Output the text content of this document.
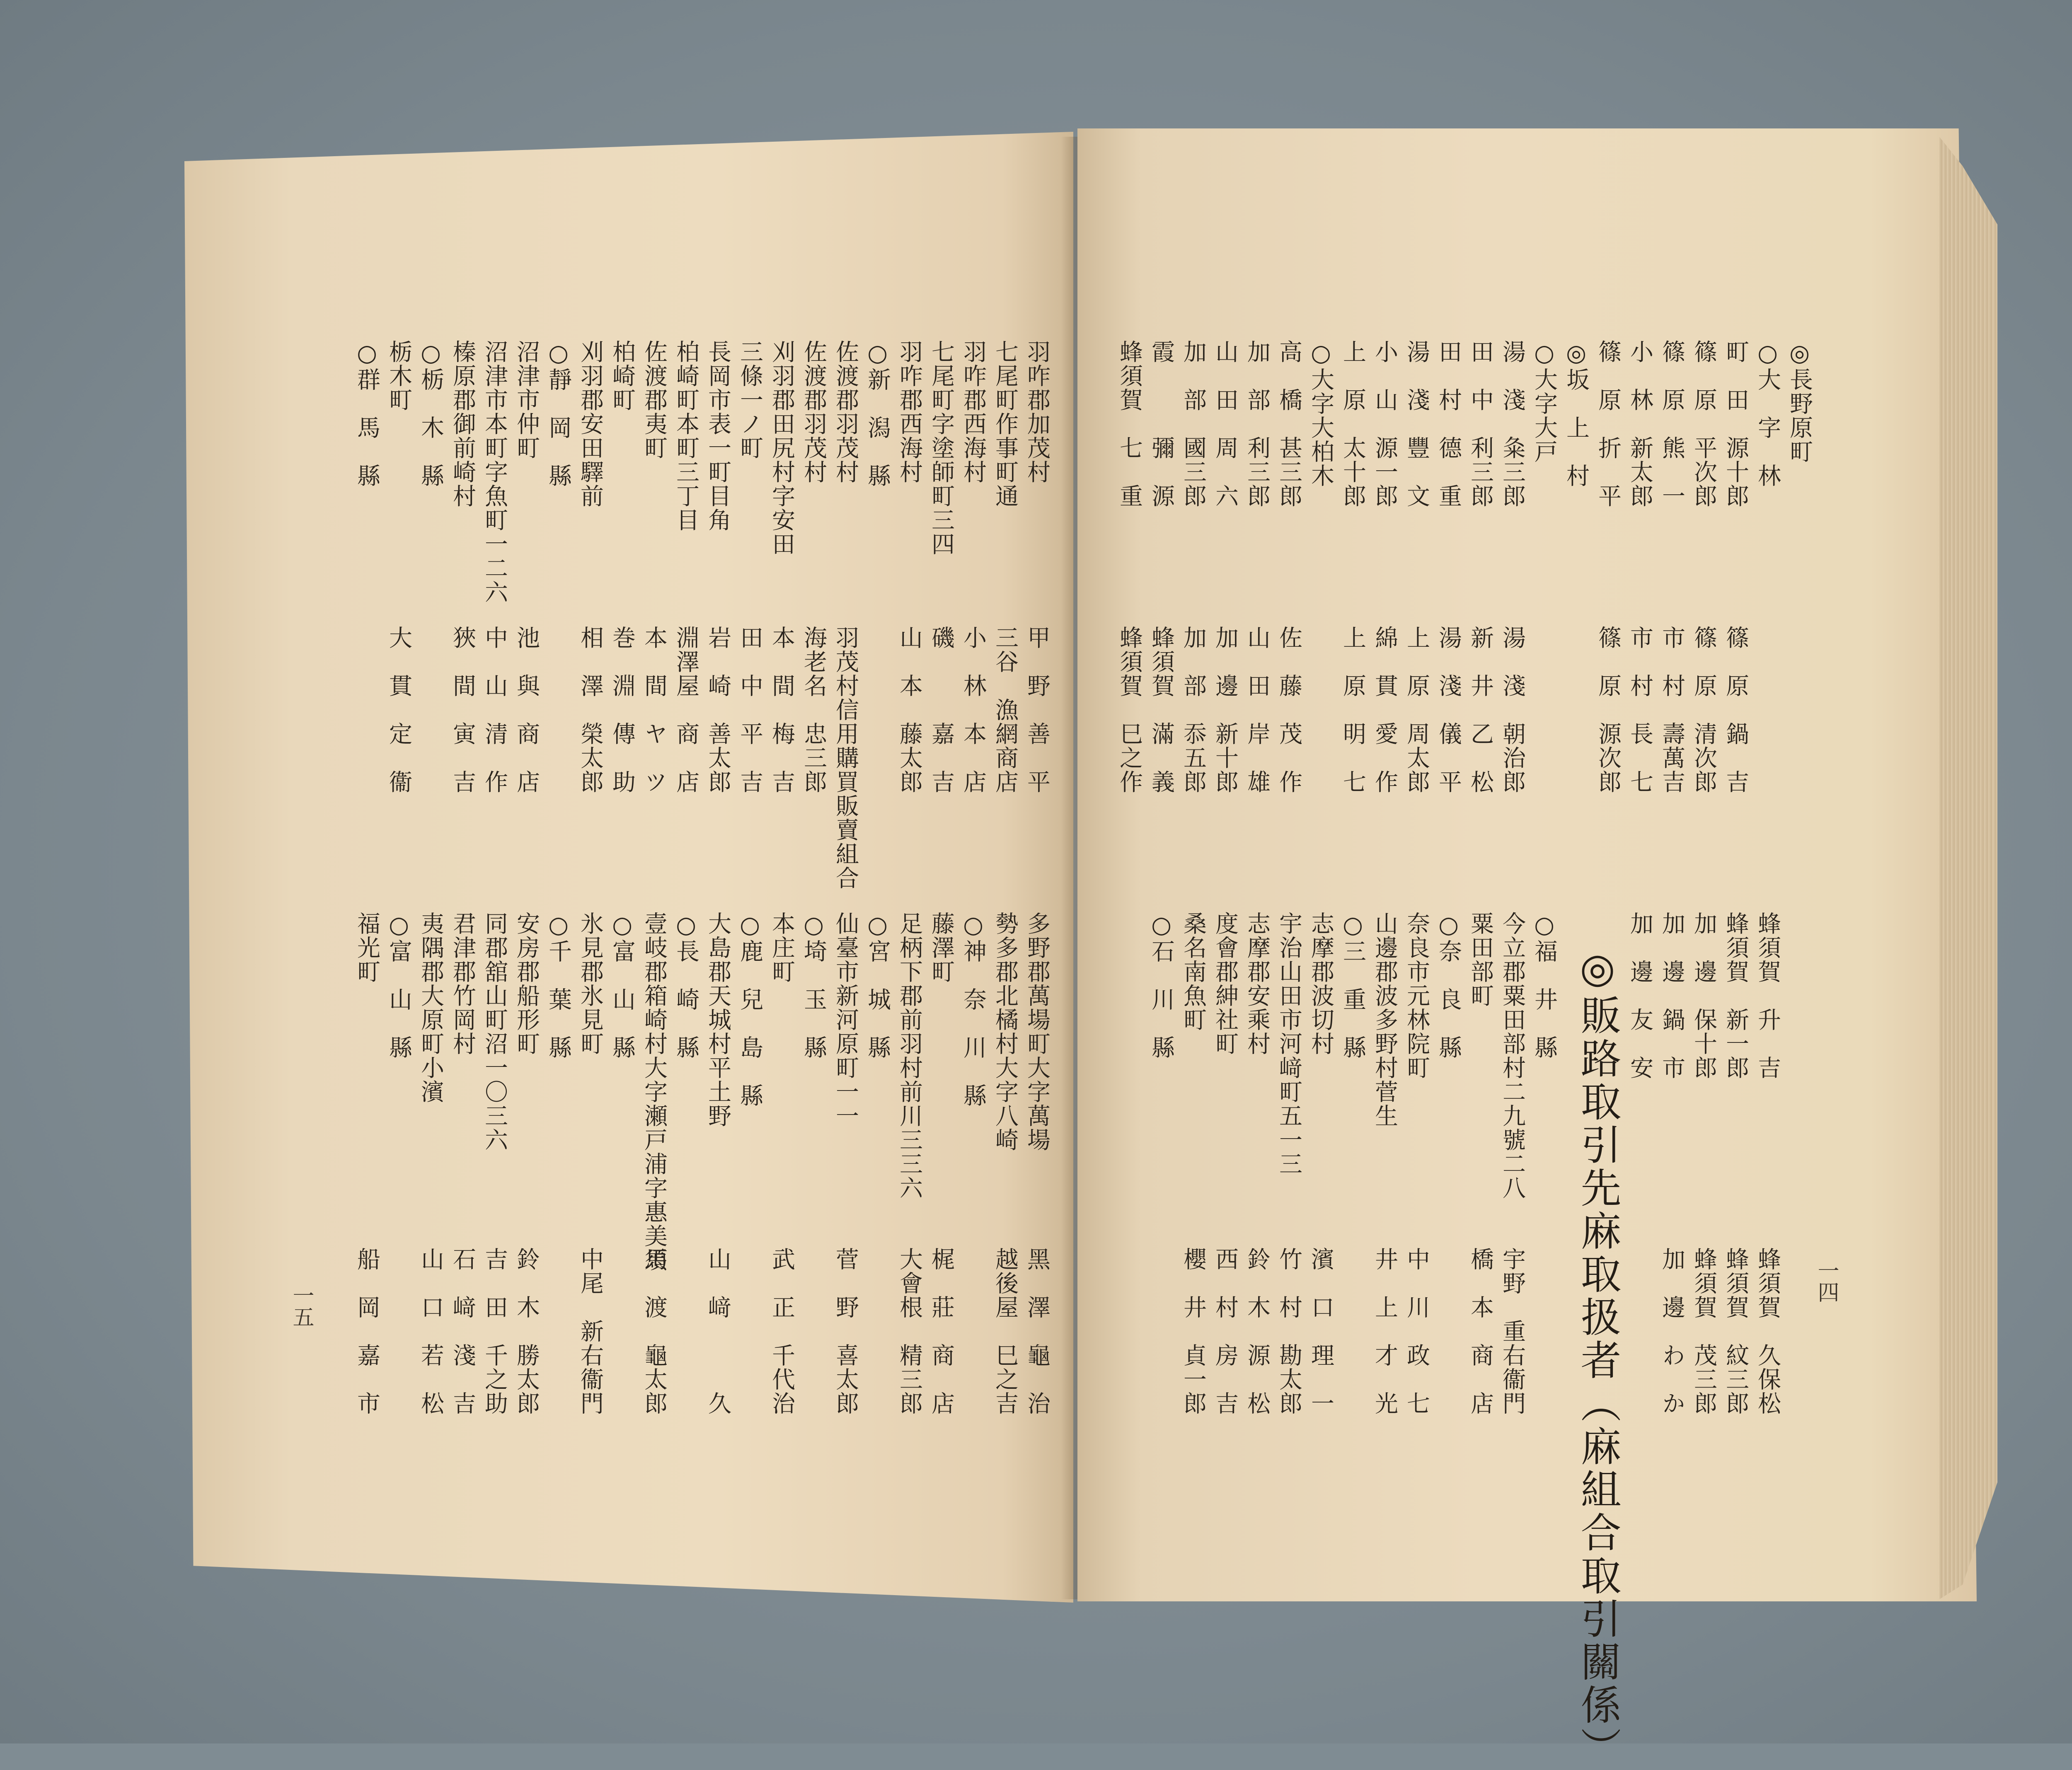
◎長野原町
○大　字　林
蜂須賀　升　吉
蜂須賀　久保松
町　田　源十郎
篠　原　鍋　吉
蜂須賀　新一郎
蜂須賀　紋三郎
篠　原　平次郎
篠　原　清次郎
加　邊　保十郎
蜂須賀　茂三郎
篠　原　熊　一
市　村　壽萬吉
加　邊　鍋　市
加　邊　わ　か
小　林　新太郎
市　村　長　七
加　邊　友　安
篠　原　折　平
篠　原　源次郎
◎坂　上　村
○大字大戸
○福　井　縣
湯　淺　粂三郎
湯　淺　朝治郎
今立郡粟田部村二九號二八
宇野　重右衞門
田　中　利三郎
新　井　乙　松
粟田部町
橋　本　商　店
田　村　德　重
湯　淺　儀　平
○奈　良　縣
湯　淺　豐　文
上　原　周太郎
奈良市元林院町
中　川　政　七
小　山　源一郎
綿　貫　愛　作
山邊郡波多野村菅生
井　上　才　光
上　原　太十郎
上　原　明　七
○三　重　縣
○大字大柏木
志摩郡波切村
濱　口　理　一
高　橋　甚三郎
佐　藤　茂　作
宇治山田市河﨑町五一三
竹　村　勘太郎
加　部　利三郎
山　田　岸　雄
志摩郡安乘村
鈴　木　源　松
山　田　周　六
加　邊　新十郎
度會郡紳社町
西　村　房　吉
加　部　國三郎
加　部　忝五郎
桑名南魚町
櫻　井　貞一郎
霞　　　彌　源
蜂須賀　滿　義
○石　川　縣
蜂須賀　七　重
蜂須賀　巳之作
羽咋郡加茂村
甲　野　善　平
多野郡萬場町大字萬場
黑　澤　龜　治
七尾町作事町通
三谷　漁網商店
勢多郡北橘村大字八崎
越後屋　巳之吉
羽咋郡西海村
小　林　本　店
○神　奈　川　縣
七尾町字塗師町三四
磯　　　嘉　吉
藤澤町
梶　莊　商　店
羽咋郡西海村
山　本　藤太郎
足柄下郡前羽村前川三三六
大會根　精三郎
○新　潟　縣
○宮　城　縣
佐渡郡羽茂村
羽茂村信用購買販賣組合
仙臺市新河原町一一
菅　野　喜太郎
佐渡郡羽茂村
海老名　忠三郎
○埼　玉　縣
刈羽郡田尻村字安田
本　間　梅　吉
本庄町
武　正　千代治
三條一ノ町
田　中　平　吉
○鹿　兒　島　縣
長岡市表一町目角
岩　崎　善太郎
大島郡天城村平土野
山　﨑　　　久
柏崎町本町三丁目
淵澤屋　商　店
○長　崎　縣
佐渡郡夷町
本　間　ヤ　ツ
壹岐郡箱崎村大字瀬戸浦字惠美須
馬　渡　龜太郎
柏崎町
巻　淵　傳　助
○富　山　縣
刈羽郡安田驛前
相　澤　榮太郎
氷見郡氷見町
中尾　新右衞門
○靜　岡　縣
○千　葉　縣
沼津市仲町
池　與　商　店
安房郡船形町
鈴　木　勝太郎
沼津市本町字魚町一二六
中　山　清　作
同郡舘山町沼一〇三六
吉　田　千之助
榛原郡御前崎村
狹　間　寅　吉
君津郡竹岡村
石　﨑　淺　吉
○栃　木　縣
夷隅郡大原町小濱
山　口　若　松
栃木町
大　貫　定　衞
○富　山　縣
○群　馬　縣
福光町
船　岡　嘉　市	◎販路取引先麻取扱者（麻組合取引關係）	一四
一五
